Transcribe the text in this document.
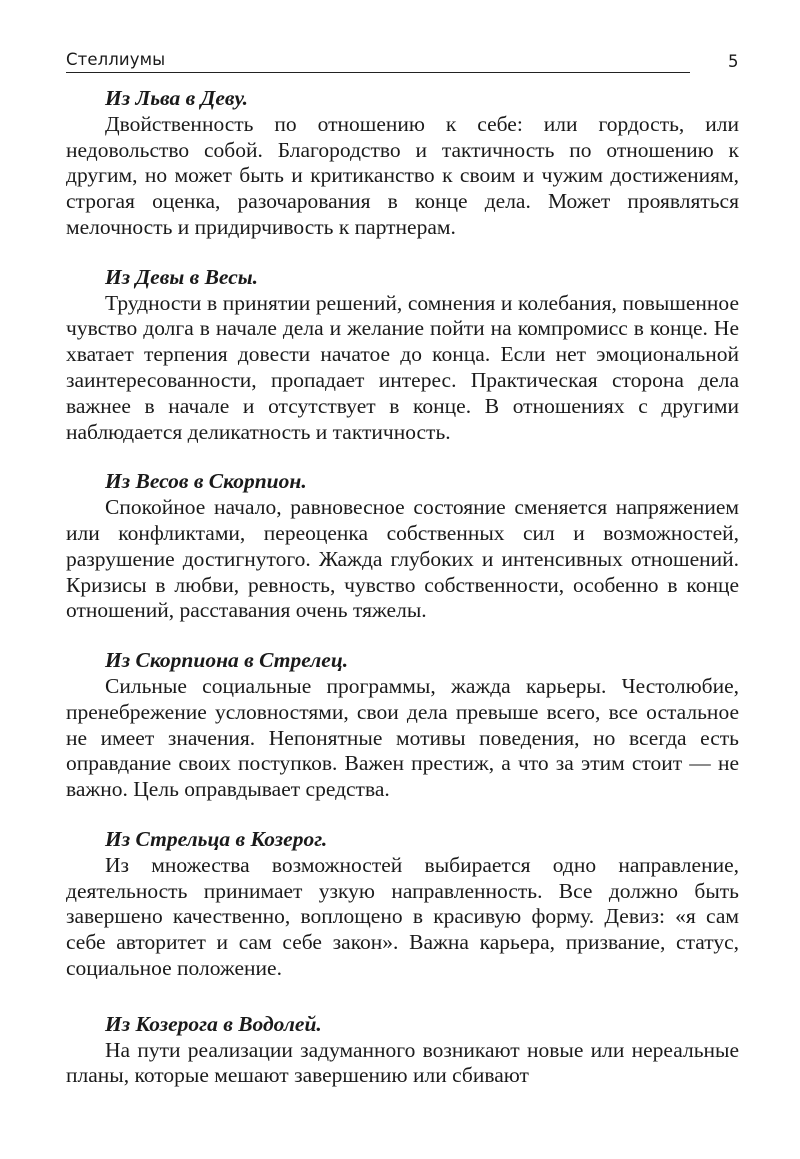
Стеллиумы	5

Из Льва в Деву.

Двойственность по отношению к себе: или гордость, или недовольство собой. Благородство и тактичность по отношению к другим, но может быть и критиканство к своим и чужим достижениям, строгая оценка, разочарования в конце дела. Может проявляться мелочность и придирчивость к партнерам.

Из Девы в Весы.

Трудности в принятии решений, сомнения и колебания, повышенное чувство долга в начале дела и желание пойти на компромисс в конце. Не хватает терпения довести начатое до конца. Если нет эмоциональной заинтересованности, пропадает интерес. Практическая сторона дела важнее в начале и отсутствует в конце. В отношениях с другими наблюдается деликатность и тактичность.

Из Весов в Скорпион.

Спокойное начало, равновесное состояние сменяется напряжением или конфликтами, переоценка собственных сил и возможностей, разрушение достигнутого. Жажда глубоких и интенсивных отношений. Кризисы в любви, ревность, чувство собственности, особенно в конце отношений, расставания очень тяжелы.

Из Скорпиона в Стрелец.

Сильные социальные программы, жажда карьеры. Честолюбие, пренебрежение условностями, свои дела превыше всего, все остальное не имеет значения. Непонятные мотивы поведения, но всегда есть оправдание своих поступков. Важен престиж, а что за этим стоит — не важно. Цель оправдывает средства.

Из Стрельца в Козерог.

Из множества возможностей выбирается одно направление, деятельность принимает узкую направленность. Все должно быть завершено качественно, воплощено в красивую форму. Девиз: «я сам себе авторитет и сам себе закон». Важна карьера, призвание, статус, социальное положение.

Из Козерога в Водолей.

На пути реализации задуманного возникают новые или нереальные планы, которые мешают завершению или сбивают
